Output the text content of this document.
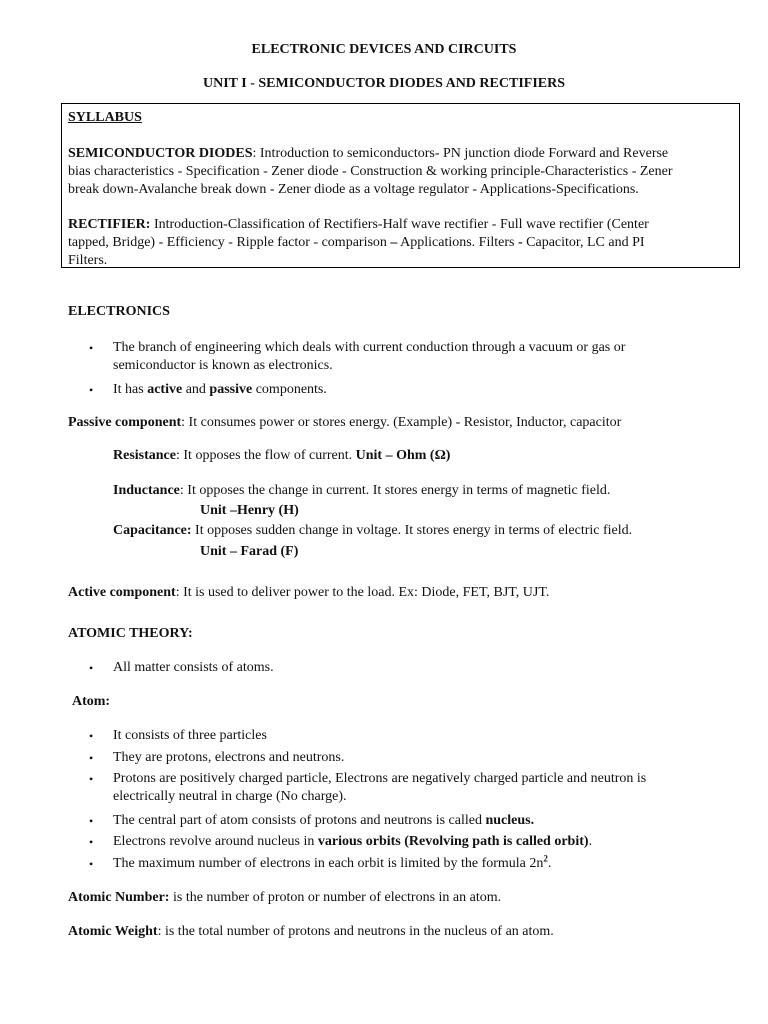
ELECTRONIC DEVICES AND CIRCUITS
UNIT I - SEMICONDUCTOR DIODES AND RECTIFIERS
SYLLABUS
SEMICONDUCTOR DIODES: Introduction to semiconductors- PN junction diode Forward and Reverse
bias characteristics - Specification - Zener diode - Construction & working principle-Characteristics - Zener
break down-Avalanche break down - Zener diode as a voltage regulator - Applications-Specifications.
RECTIFIER: Introduction-Classification of Rectifiers-Half wave rectifier - Full wave rectifier (Center
tapped, Bridge) - Efficiency - Ripple factor - comparison – Applications. Filters - Capacitor, LC and PI
Filters.
ELECTRONICS
• The branch of engineering which deals with current conduction through a vacuum or gas or
semiconductor is known as electronics.
• It has active and passive components.
Passive component: It consumes power or stores energy. (Example) - Resistor, Inductor, capacitor
Resistance: It opposes the flow of current. Unit – Ohm (Ω)
Inductance: It opposes the change in current. It stores energy in terms of magnetic field.
Unit –Henry (H)
Capacitance: It opposes sudden change in voltage. It stores energy in terms of electric field.
Unit – Farad (F)
Active component: It is used to deliver power to the load. Ex: Diode, FET, BJT, UJT.
ATOMIC THEORY:
• All matter consists of atoms.
Atom:
• It consists of three particles
• They are protons, electrons and neutrons.
• Protons are positively charged particle, Electrons are negatively charged particle and neutron is
electrically neutral in charge (No charge).
• The central part of atom consists of protons and neutrons is called nucleus.
• Electrons revolve around nucleus in various orbits (Revolving path is called orbit).
• The maximum number of electrons in each orbit is limited by the formula $2n^2$.
Atomic Number: is the number of proton or number of electrons in an atom.
Atomic Weight: is the total number of protons and neutrons in the nucleus of an atom.
